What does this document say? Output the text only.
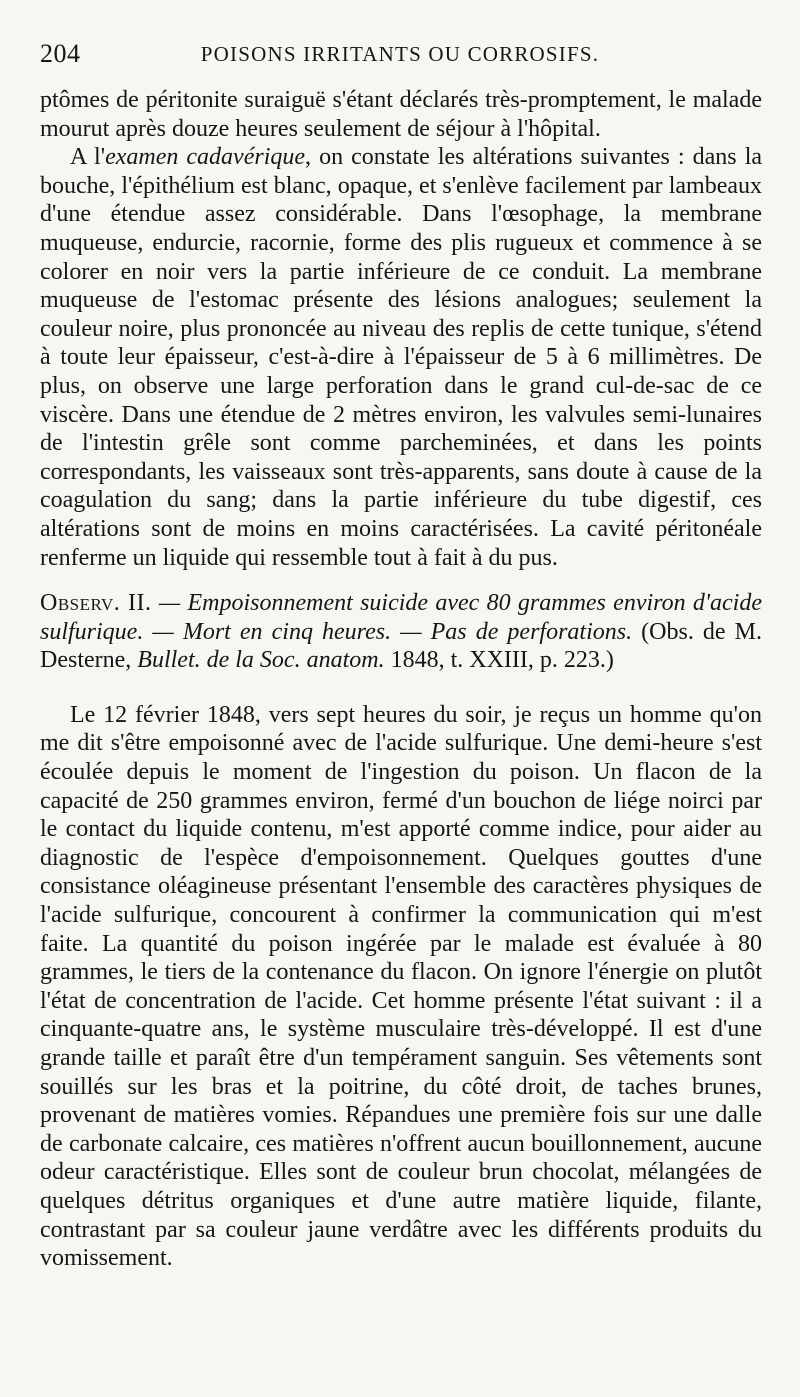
204	POISONS IRRITANTS OU CORROSIFS.

ptômes de péritonite suraiguë s'étant déclarés très-promptement, le malade mourut après douze heures seulement de séjour à l'hôpital.

A l'examen cadavérique, on constate les altérations suivantes : dans la bouche, l'épithélium est blanc, opaque, et s'enlève facilement par lambeaux d'une étendue assez considérable. Dans l'œsophage, la membrane muqueuse, endurcie, racornie, forme des plis rugueux et commence à se colorer en noir vers la partie inférieure de ce conduit. La membrane muqueuse de l'estomac présente des lésions analogues; seulement la couleur noire, plus prononcée au niveau des replis de cette tunique, s'étend à toute leur épaisseur, c'est-à-dire à l'épaisseur de 5 à 6 millimètres. De plus, on observe une large perforation dans le grand cul-de-sac de ce viscère. Dans une étendue de 2 mètres environ, les valvules semi-lunaires de l'intestin grêle sont comme parcheminées, et dans les points correspondants, les vaisseaux sont très-apparents, sans doute à cause de la coagulation du sang; dans la partie inférieure du tube digestif, ces altérations sont de moins en moins caractérisées. La cavité péritonéale renferme un liquide qui ressemble tout à fait à du pus.

Observ. II. — Empoisonnement suicide avec 80 grammes environ d'acide sulfurique. — Mort en cinq heures. — Pas de perforations. (Obs. de M. Desterne, Bullet. de la Soc. anatom. 1848, t. XXIII, p. 223.)

Le 12 février 1848, vers sept heures du soir, je reçus un homme qu'on me dit s'être empoisonné avec de l'acide sulfurique. Une demi-heure s'est écoulée depuis le moment de l'ingestion du poison. Un flacon de la capacité de 250 grammes environ, fermé d'un bouchon de liége noirci par le contact du liquide contenu, m'est apporté comme indice, pour aider au diagnostic de l'espèce d'empoisonnement. Quelques gouttes d'une consistance oléagineuse présentant l'ensemble des caractères physiques de l'acide sulfurique, concourent à confirmer la communication qui m'est faite. La quantité du poison ingérée par le malade est évaluée à 80 grammes, le tiers de la contenance du flacon. On ignore l'énergie on plutôt l'état de concentration de l'acide. Cet homme présente l'état suivant : il a cinquante-quatre ans, le système musculaire très-développé. Il est d'une grande taille et paraît être d'un tempérament sanguin. Ses vêtements sont souillés sur les bras et la poitrine, du côté droit, de taches brunes, provenant de matières vomies. Répandues une première fois sur une dalle de carbonate calcaire, ces matières n'offrent aucun bouillonnement, aucune odeur caractéristique. Elles sont de couleur brun chocolat, mélangées de quelques détritus organiques et d'une autre matière liquide, filante, contrastant par sa couleur jaune verdâtre avec les différents produits du vomissement.
